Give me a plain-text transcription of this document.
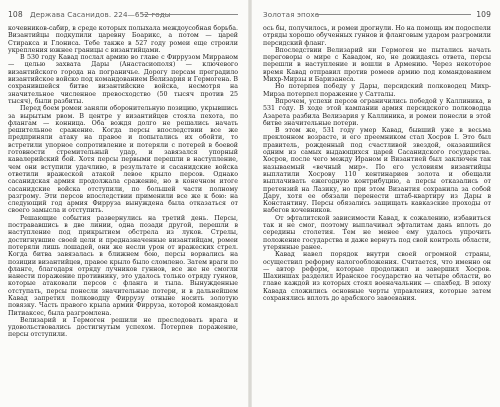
108 Держава Сасанидов. 224—652 годы

кочевников-сабир, в среде которых полыхала междоусобная борьба. Византийцы подкупили царевну Боарикс, а потом — царей Стиракса и Глониса. Тебе также в 527 году ромеи еще строили укрепления южнее границы с византийцами.

В 530 году Кавад послал армию во главе с Фиррузом Мирраном — целью захвата Дары (Анастасиополя) — ключевого византийского города на пограничье. Дорогу персам преградило византийское войско под командованием Велизария и Гермогена. В сохранившейся битве византийские войска, несмотря на значительное численное превосходство (50 тысяч против 25 тысяч), были разбиты.

Перед боем ромеи заняли оборонительную позицию, укрывшись за вырытым рвом. В центре у византийцев стояла пехота, по флангам — конница. Оба вождя долго не решались начать решительное сражение. Когда персы впоследствии все же предприняли атаку на правое и попытались их обойти, то встретили упорное сопротивление и потеряли с потерей в боевой готовности стремительный удар, и завязался упорный кавалерийский бой. Хотя персы первыми перешли в наступление, чем они вступили удачливо, в результате и сасанидские войска ответили вражеской атакой левое крыло персов. Однако сасанидская армия продолжала сражение, но в конечном итоге сасанидские войска отступили, по большей части полному разгрому. Эти персов впоследствии применили все же к бою: на следующий год армия Фирруза вынуждена была отказаться от своего замысла и отступить.

Решающие события развернулись на третий день. Персы, пострававшись в две линии, одна позади другой, перешли в наступление под прикрытием обстрела из луков. Стрелы, достигнувшие своей цели и предназначенные византийцам, ромеи потеряли лишь лошадей, они же несли урон от вражеских стрел. Когда битва завязалась в ближнем бою, персы ворвались на позиции византийцев, правое крыло было сломлено. Затем враги по фланге, благодаря отряду лучников гуннов, все же не смогли нанести поражение противнику, это удалось только отряду гуннов, которые атаковали персов с фланга и тыла. Вынужденные отступать, персы понесли значительные потери, и в дальнейшем Кавад запретил полководцу Фиррузу отныне носить золотую повязку. Часть правого крыла армии Фирруза, которой командовал Питиаксес, была разгромлена.

Велизарий и Гермоген решили не преследовать врага и удовольствовались достигнутым успехом. Потерпев поражение, персы отступили.

Золотая эпоха	109

ось бы, получилось, и ромеи дрогнули. Но на помощь им подоспели отряды хорошо обученных гуннов и фланговым ударом разгромили персидский фланг.

Впоследствии Велизарий ни Гермоген не пытались начать переговоры о мире с Кавадом, но, не дожидаясь ответа, персы перешли в наступление и вошли в Армению. Через некоторое время Кавад отправил против ромеев армию под командованием Михр-Мирзы и Баризанеса.

Но потерпев победу у Дары, персидский полководец Михр-Мирза потерпел поражение у Сатталы.

Впрочем, успехи персов ограничились победой у Каллиника, в 531 году. В ходе этой кампании армия персидского полководца Азарета разбила Велизария у Каллиника, и ромеи понесли в этой битве значительные потери.

В этом же, 531 году умер Кавад, бывший уже в весьма преклонном возрасте, и его преемником стал Хосров I. Это был правитель, рожденный под счастливой звездой, оказавшийся одним из самых выдающихся царей Сасанидского государства. Хосров, после чего между Ираном и Византией был заключен так называемый «вечный мир». По его условиям византийцы выплатили Хосрову 110 кентинариев золота и обещали выплачивать ежегодную контрибуцию, а персы отказались от претензий на Лазику, но при этом Византия сохранила за собой Дару, хотя ее обязали перенести штаб-квартиру из Дары в Константину. Персы обязались защищать кавказские проходы от набегов кочевников.

От эфталитской зависимости Кавад, к сожалению, избавиться так и не смог, поэтому выплачивал эфталитам дань вплоть до середины столетия. Тем не менее ему удалось упрочить положение государства и даже вернуть под свой контроль области, утерянные ранее.

Кавад навел порядок внутри своей огромной страны, осуществил реформу налогообложения. Считается, что именно он — автор реформ, которые продолжил и завершил Хосров. Шахиншах разделил Иранское государство на четыре области, во главе каждой из которых стоял военачальник — спахбед. В эпоху Кавада сложились основные черты управления, которые затем сохранялись вплоть до арабского завоевания.
